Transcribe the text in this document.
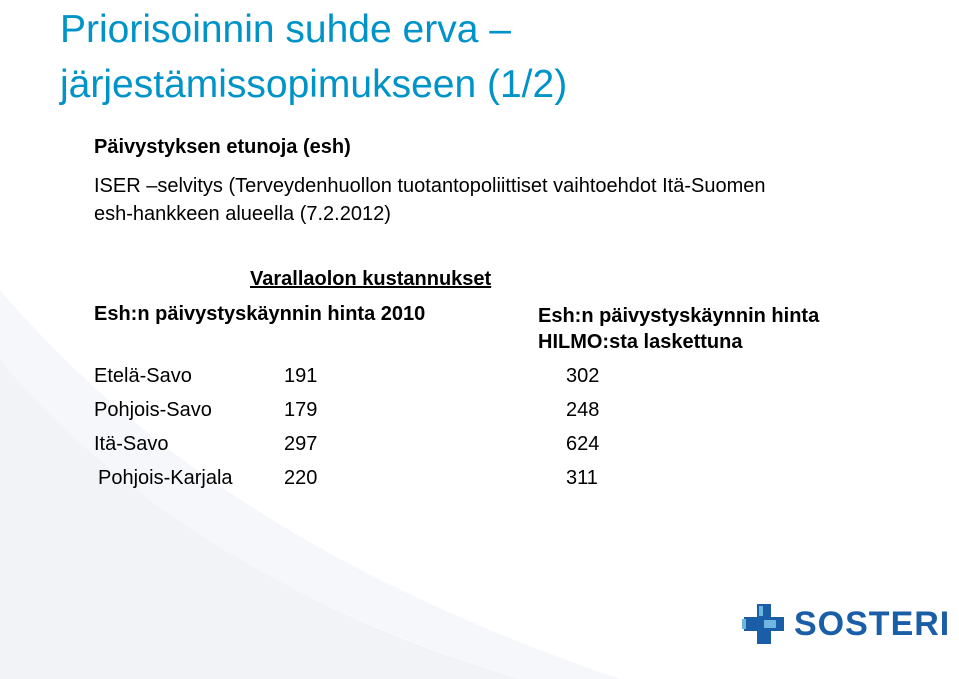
Priorisoinnin suhde erva –
järjestämissopimukseen (1/2)
Päivystyksen etunoja (esh)
ISER –selvitys (Terveydenhuollon tuotantopoliittiset vaihtoehdot Itä-Suomen
esh-hankkeen alueella (7.2.2012)
Varallaolon kustannukset
Esh:n päivystyskäynnin hinta 2010	Esh:n päivystyskäynnin hinta
HILMO:sta laskettuna
Etelä-Savo	191	302
Pohjois-Savo	179	248
Itä-Savo	297	624
Pohjois-Karjala	220	311
SOSTERI
